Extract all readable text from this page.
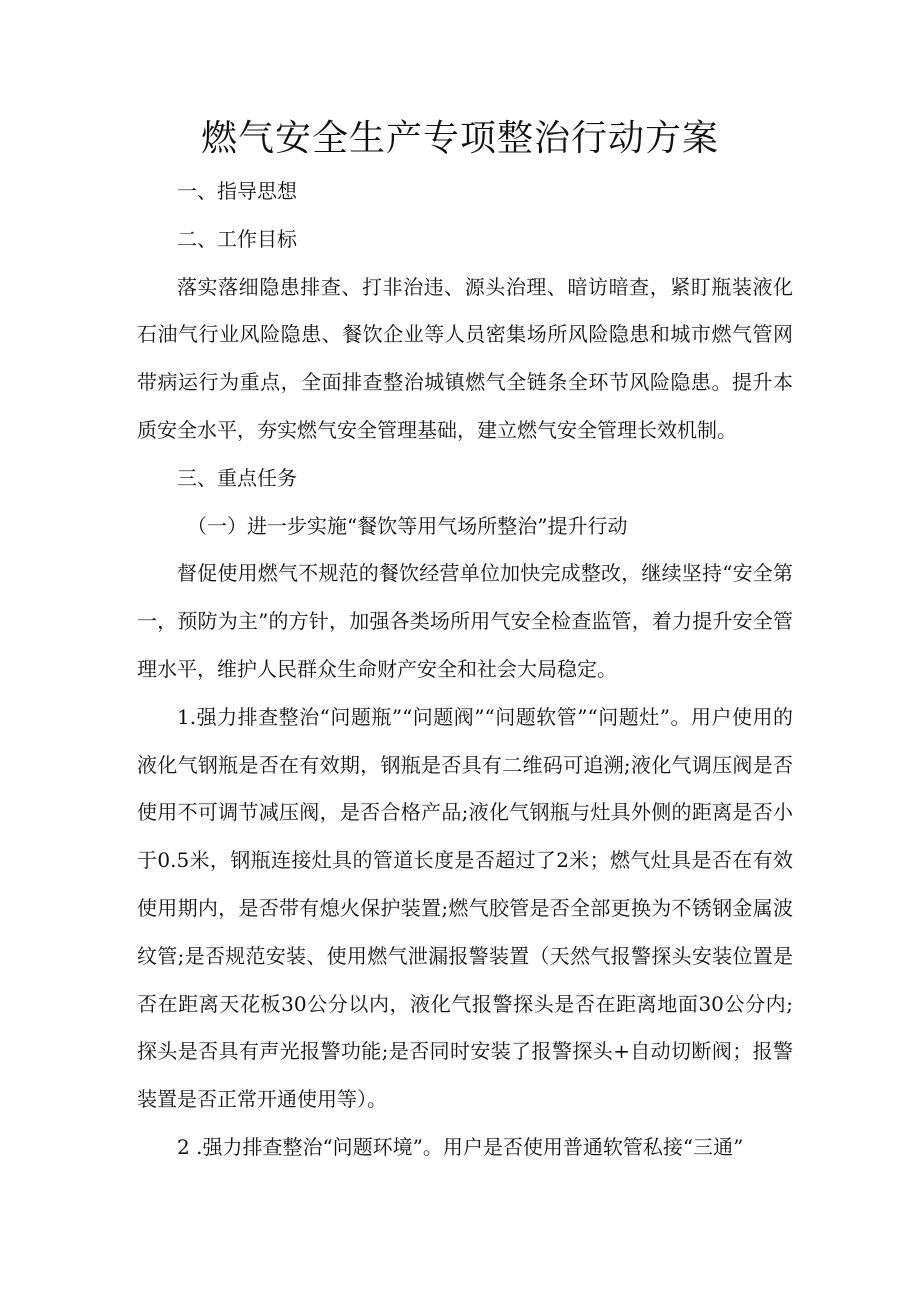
燃气安全生产专项整治行动方案

一、指导思想

二、工作目标

落实落细隐患排查、打非治违、源头治理、暗访暗查，紧盯瓶装液化石油气行业风险隐患、餐饮企业等人员密集场所风险隐患和城市燃气管网带病运行为重点，全面排查整治城镇燃气全链条全环节风险隐患。提升本质安全水平，夯实燃气安全管理基础，建立燃气安全管理长效机制。

三、重点任务

（一）进一步实施“餐饮等用气场所整治”提升行动

督促使用燃气不规范的餐饮经营单位加快完成整改，继续坚持“安全第一，预防为主”的方针，加强各类场所用气安全检查监管，着力提升安全管理水平，维护人民群众生命财产安全和社会大局稳定。

1.强力排查整治“问题瓶”“问题阀”“问题软管”“问题灶”。用户使用的液化气钢瓶是否在有效期，钢瓶是否具有二维码可追溯;液化气调压阀是否使用不可调节减压阀，是否合格产品;液化气钢瓶与灶具外侧的距离是否小于0.5米，钢瓶连接灶具的管道长度是否超过了2米；燃气灶具是否在有效使用期内，是否带有熄火保护装置;燃气胶管是否全部更换为不锈钢金属波纹管;是否规范安装、使用燃气泄漏报警装置（天然气报警探头安装位置是否在距离天花板30公分以内，液化气报警探头是否在距离地面30公分内;探头是否具有声光报警功能;是否同时安装了报警探头+自动切断阀；报警装置是否正常开通使用等）。

2 .强力排查整治“问题环境”。用户是否使用普通软管私接“三通”
